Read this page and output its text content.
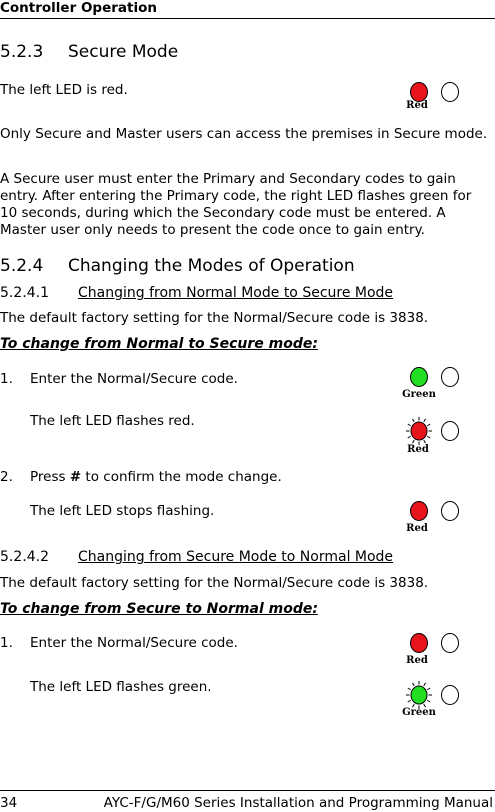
Controller Operation
5.2.3 Secure Mode
The left LED is red.
Red
Only Secure and Master users can access the premises in Secure mode.
A Secure user must enter the Primary and Secondary codes to gain entry. After entering the Primary code, the right LED flashes green for 10 seconds, during which the Secondary code must be entered. A Master user only needs to present the code once to gain entry.
5.2.4 Changing the Modes of Operation
5.2.4.1 Changing from Normal Mode to Secure Mode
The default factory setting for the Normal/Secure code is 3838.
To change from Normal to Secure mode:
1. Enter the Normal/Secure code.
Green
The left LED flashes red.
Red
2. Press # to confirm the mode change.
The left LED stops flashing.
Red
5.2.4.2 Changing from Secure Mode to Normal Mode
The default factory setting for the Normal/Secure code is 3838.
To change from Secure to Normal mode:
1. Enter the Normal/Secure code.
Red
The left LED flashes green.
Green
34	AYC-F/G/M60 Series Installation and Programming Manual
